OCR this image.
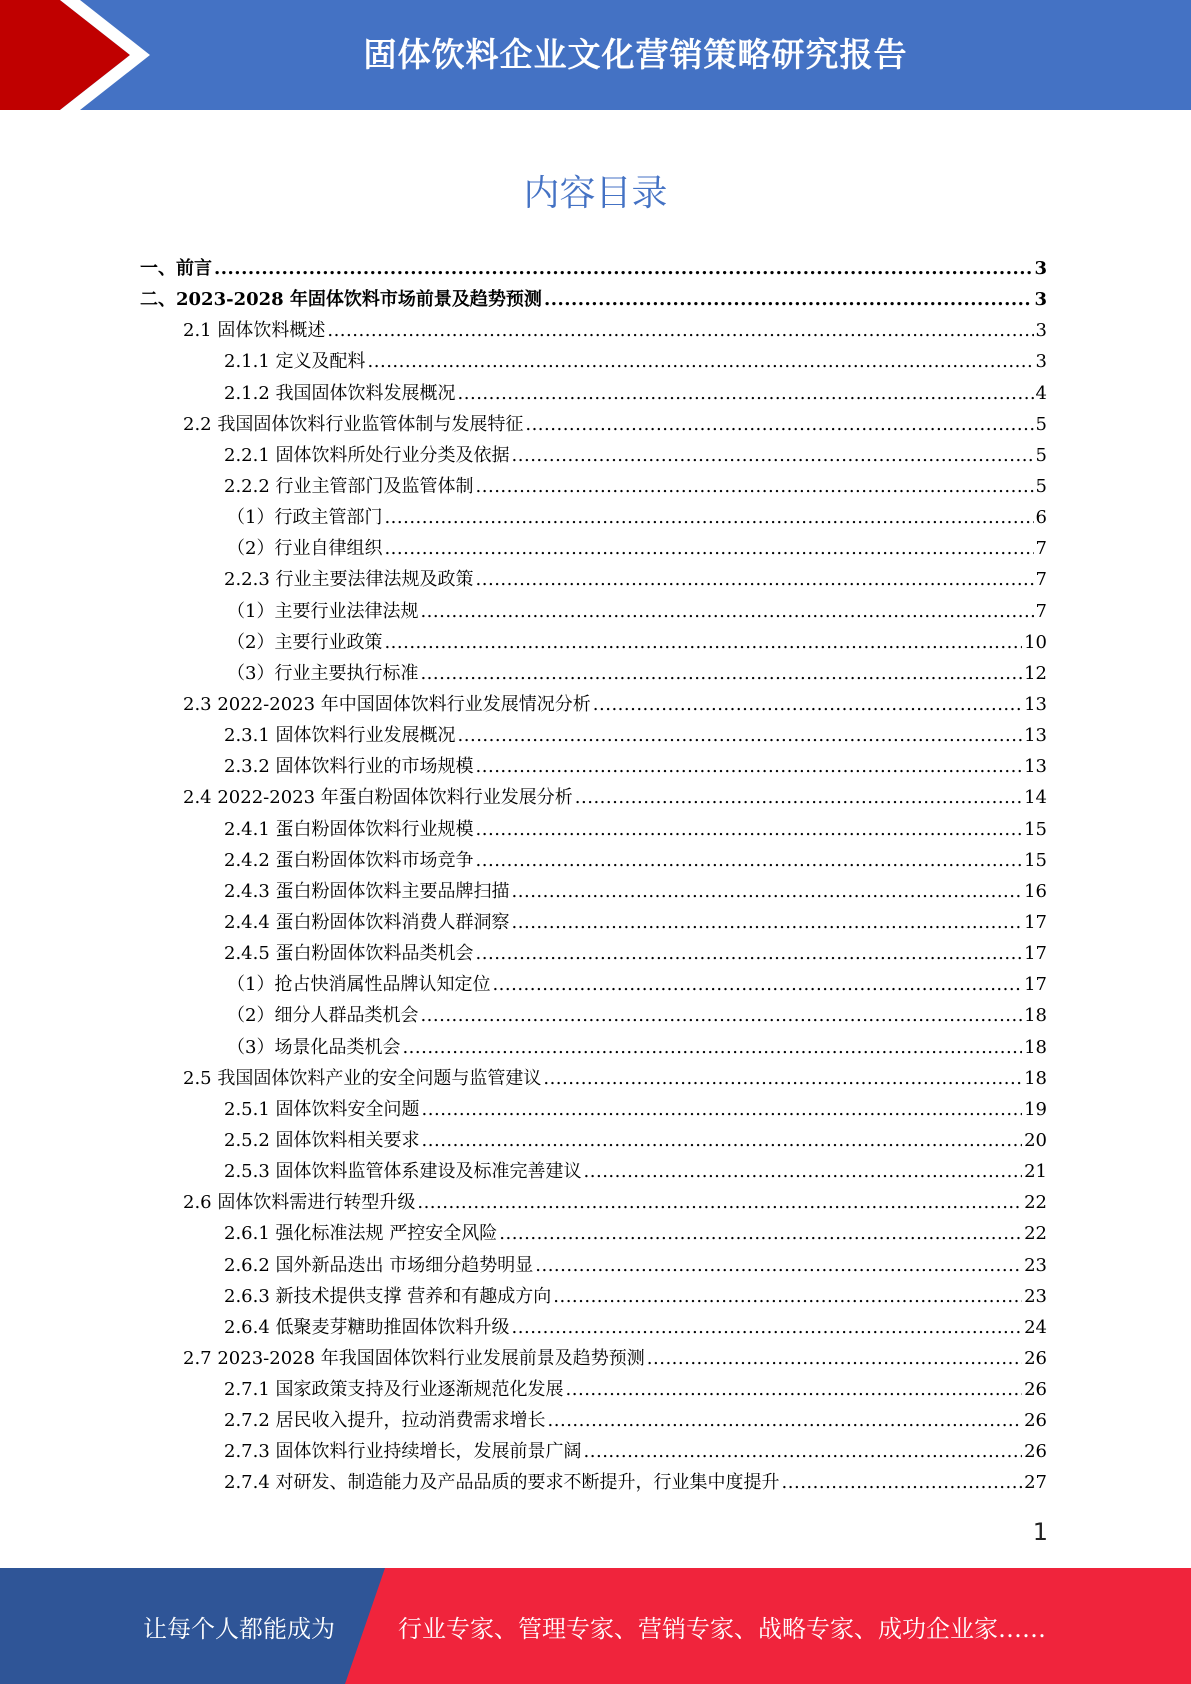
固体饮料企业文化营销策略研究报告
内容目录
一、前言 .....	3
二、2023-2028 年固体饮料市场前景及趋势预测 .....	3
2.1 固体饮料概述 .....	3
2.1.1 定义及配料 .....	3
2.1.2 我国固体饮料发展概况 .....	4
2.2 我国固体饮料行业监管体制与发展特征 .....	5
2.2.1 固体饮料所处行业分类及依据 .....	5
2.2.2 行业主管部门及监管体制 .....	5
（1）行政主管部门 .....	6
（2）行业自律组织 .....	7
2.2.3 行业主要法律法规及政策 .....	7
（1）主要行业法律法规 .....	7
（2）主要行业政策 .....	10
（3）行业主要执行标准 .....	12
2.3 2022-2023 年中国固体饮料行业发展情况分析 .....	13
2.3.1 固体饮料行业发展概况 .....	13
2.3.2 固体饮料行业的市场规模 .....	13
2.4 2022-2023 年蛋白粉固体饮料行业发展分析 .....	14
2.4.1 蛋白粉固体饮料行业规模 .....	15
2.4.2 蛋白粉固体饮料市场竞争 .....	15
2.4.3 蛋白粉固体饮料主要品牌扫描 .....	16
2.4.4 蛋白粉固体饮料消费人群洞察 .....	17
2.4.5 蛋白粉固体饮料品类机会 .....	17
（1）抢占快消属性品牌认知定位 .....	17
（2）细分人群品类机会 .....	18
（3）场景化品类机会 .....	18
2.5 我国固体饮料产业的安全问题与监管建议 .....	18
2.5.1 固体饮料安全问题 .....	19
2.5.2 固体饮料相关要求 .....	20
2.5.3 固体饮料监管体系建设及标准完善建议 .....	21
2.6 固体饮料需进行转型升级 .....	22
2.6.1 强化标准法规 严控安全风险 .....	22
2.6.2 国外新品迭出 市场细分趋势明显 .....	23
2.6.3 新技术提供支撑 营养和有趣成方向 .....	23
2.6.4 低聚麦芽糖助推固体饮料升级 .....	24
2.7 2023-2028 年我国固体饮料行业发展前景及趋势预测 .....	26
2.7.1 国家政策支持及行业逐渐规范化发展 .....	26
2.7.2 居民收入提升，拉动消费需求增长 .....	26
2.7.3 固体饮料行业持续增长，发展前景广阔 .....	26
2.7.4 对研发、制造能力及产品品质的要求不断提升，行业集中度提升 .....	27
1
让每个人都能成为	行业专家、管理专家、营销专家、战略专家、成功企业家……
